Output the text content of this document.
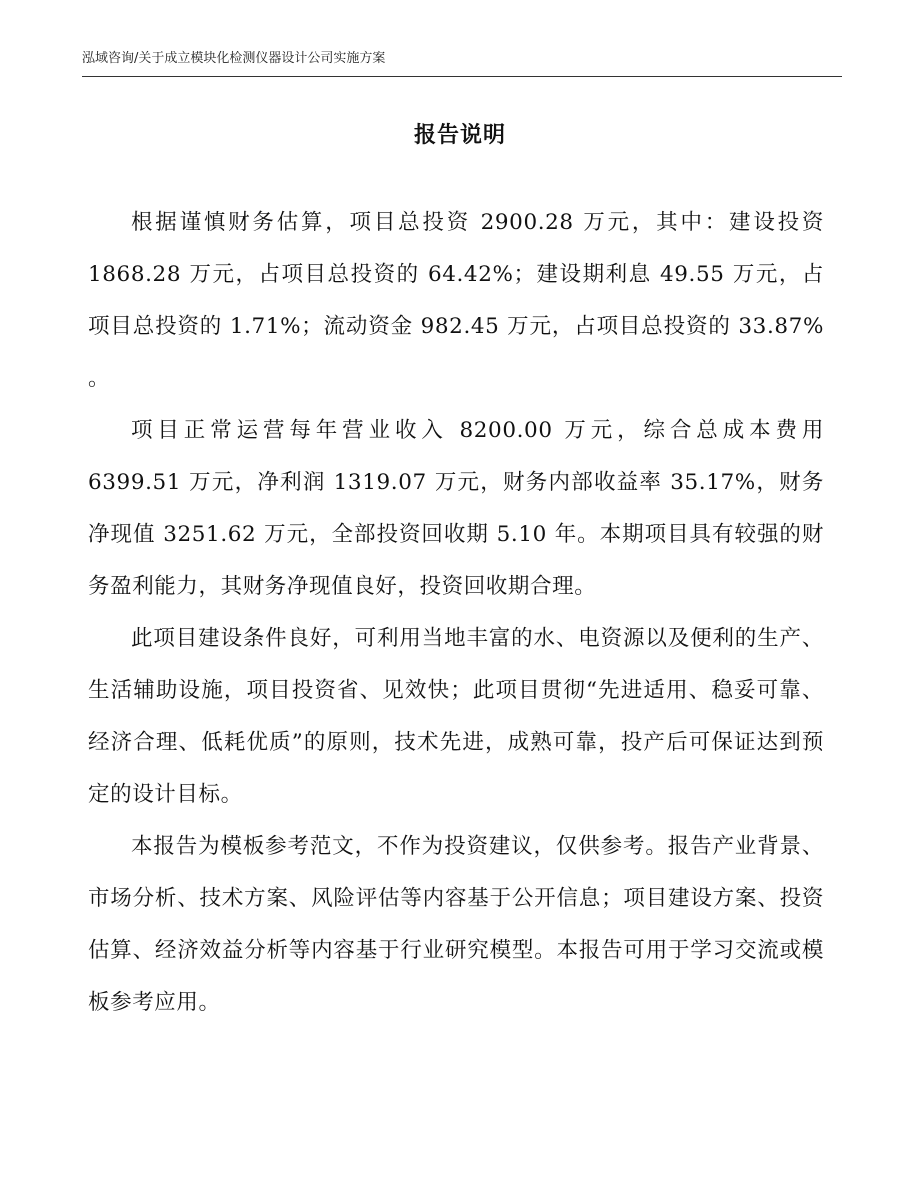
泓域咨询/关于成立模块化检测仪器设计公司实施方案
报告说明

根据谨慎财务估算，项目总投资 2900.28 万元，其中：建设投资 1868.28 万元，占项目总投资的 64.42%；建设期利息 49.55 万元，占项目总投资的 1.71%；流动资金 982.45 万元，占项目总投资的 33.87% 。

项目正常运营每年营业收入 8200.00 万元，综合总成本费用 6399.51 万元，净利润 1319.07 万元，财务内部收益率 35.17%，财务净现值 3251.62 万元，全部投资回收期 5.10 年。本期项目具有较强的财务盈利能力，其财务净现值良好，投资回收期合理。

此项目建设条件良好，可利用当地丰富的水、电资源以及便利的生产、生活辅助设施，项目投资省、见效快；此项目贯彻“先进适用、稳妥可靠、经济合理、低耗优质”的原则，技术先进，成熟可靠，投产后可保证达到预定的设计目标。

本报告为模板参考范文，不作为投资建议，仅供参考。报告产业背景、市场分析、技术方案、风险评估等内容基于公开信息；项目建设方案、投资估算、经济效益分析等内容基于行业研究模型。本报告可用于学习交流或模板参考应用。
